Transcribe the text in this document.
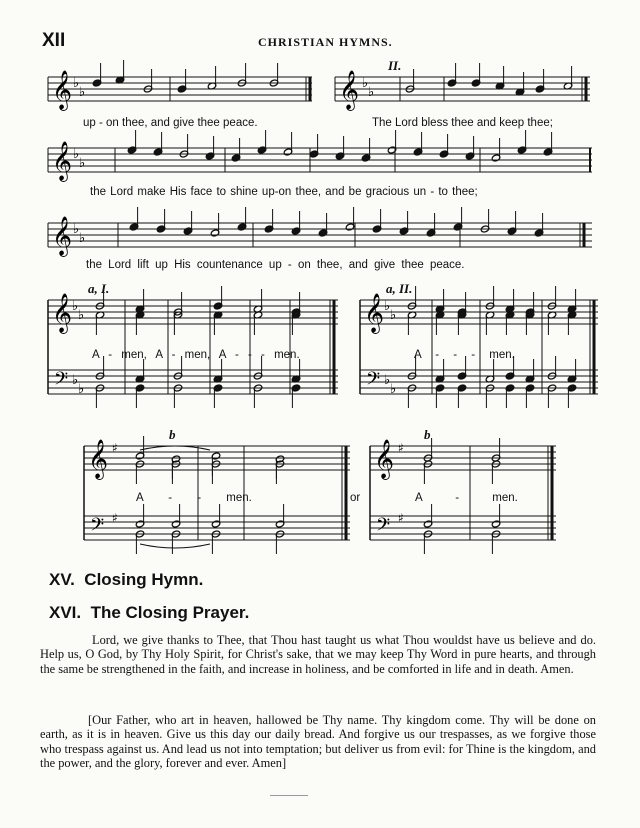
XII	CHRISTIAN HYMNS.
𝄞 ♭
♭	𝄞 ♭
♭
𝄞 ♭
♭
𝄞 ♭
♭
𝄞 ♭
♭
𝄢 ♭
♭
𝄞 ♭
♭
𝄢 ♭
♭
𝄞 ♯
𝄢 ♯
𝄞 ♯
𝄢 ♯
up - on thee, and give thee peace.
II.
The Lord bless thee and keep thee;
the Lord make His face to shine up-on thee, and be gracious un - to thee;
the Lord lift up His countenance up - on thee, and give thee peace.
a, I.
A - men, A - men, A - - - men.
a, II.
A - - - men.
b
A - - men.	or
b
A - men.
XV. Closing Hymn.
XVI. The Closing Prayer.

Lord, we give thanks to Thee, that Thou hast taught us what Thou wouldst have us believe and do. Help us, O God, by Thy Holy Spirit, for Christ's sake, that we may keep Thy Word in pure hearts, and through the same be strengthened in the faith, and increase in holiness, and be comforted in life and in death. Amen.

[Our Father, who art in heaven, hallowed be Thy name. Thy kingdom come. Thy will be done on earth, as it is in heaven. Give us this day our daily bread. And forgive us our trespasses, as we forgive those who trespass against us. And lead us not into temptation; but deliver us from evil: for Thine is the kingdom, and the power, and the glory, forever and ever. Amen]
